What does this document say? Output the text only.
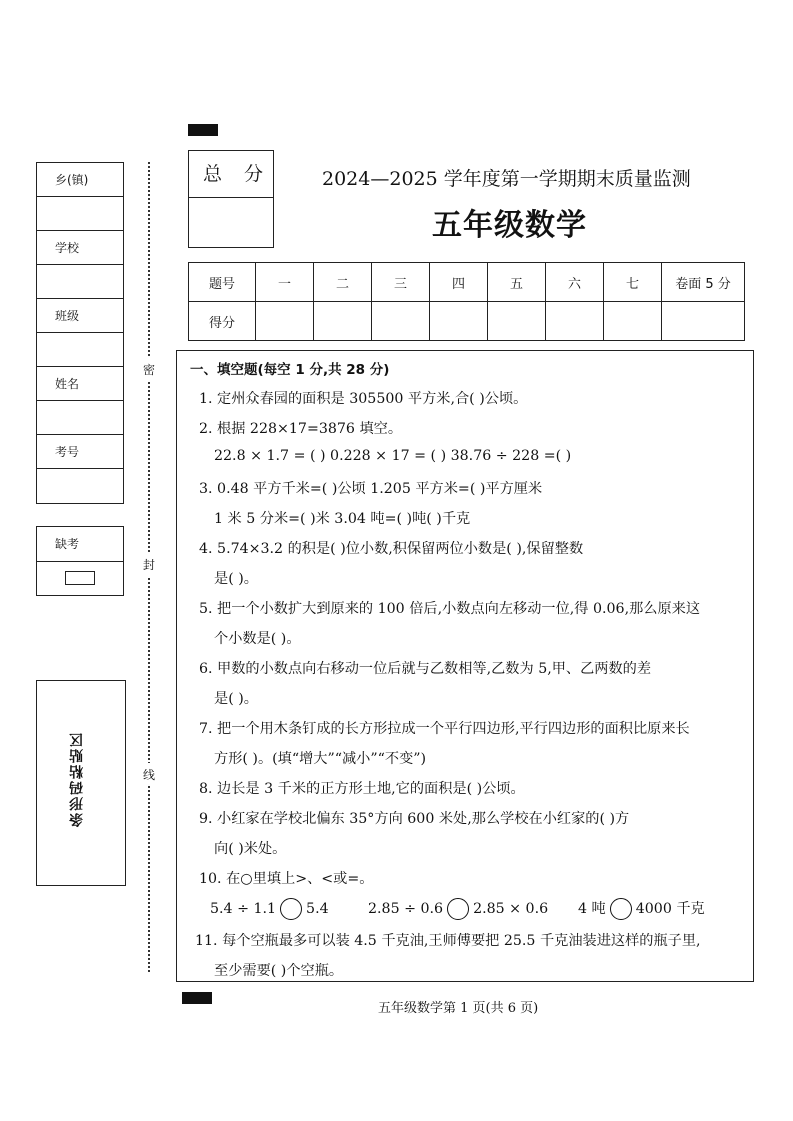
乡(镇)
学校
班级
姓名
考号
缺考
条形码粘贴区
密
封
线
总 分	2024—2025 学年度第一学期期末质量监测
五年级数学
题号	一	二	三	四	五	六	七	卷面 5 分
得分								
一、填空题(每空 1 分,共 28 分)
1. 定州众春园的面积是 305500 平方米,合( )公顷。
2. 根据 228×17=3876 填空。
22.8 × 1.7 = ( ) 0.228 × 17 = ( ) 38.76 ÷ 228 =( )
3. 0.48 平方千米=( )公顷 1.205 平方米=( )平方厘米
1 米 5 分米=( )米 3.04 吨=( )吨( )千克
4. 5.74×3.2 的积是( )位小数,积保留两位小数是( ),保留整数
是( )。
5. 把一个小数扩大到原来的 100 倍后,小数点向左移动一位,得 0.06,那么原来这
个小数是( )。
6. 甲数的小数点向右移动一位后就与乙数相等,乙数为 5,甲、乙两数的差
是( )。
7. 把一个用木条钉成的长方形拉成一个平行四边形,平行四边形的面积比原来长
方形( )。(填“增大”“减小”“不变”)
8. 边长是 3 千米的正方形土地,它的面积是( )公顷。
9. 小红家在学校北偏东 35°方向 600 米处,那么学校在小红家的( )方
向( )米处。
10. 在○里填上>、<或=。
5.4 ÷ 1.1 5.4	2.85 ÷ 0.6 2.85 × 0.6 4 吨 4000 千克
11. 每个空瓶最多可以装 4.5 千克油,王师傅要把 25.5 千克油装进这样的瓶子里,
至少需要( )个空瓶。
五年级数学第 1 页(共 6 页)
